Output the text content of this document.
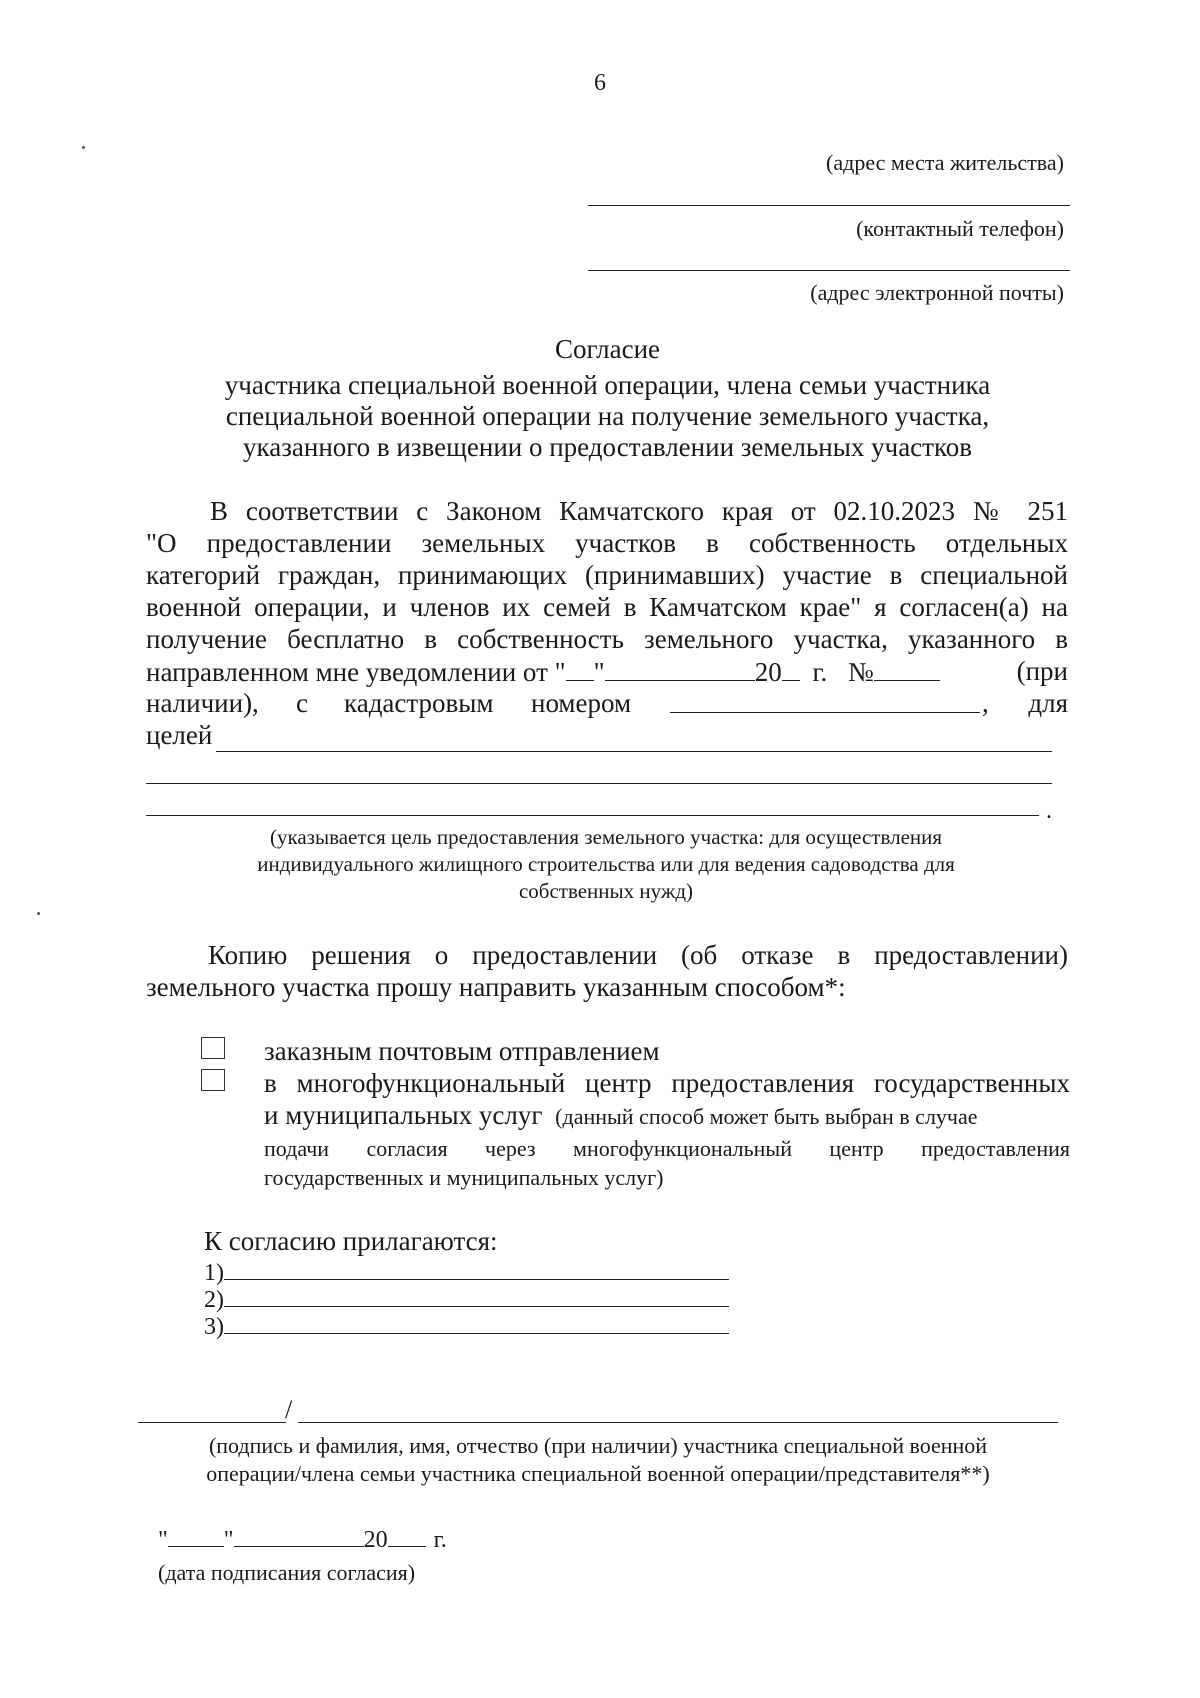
6
(адрес места жительства)
(контактный телефон)
(адрес электронной почты)
Согласие
участника специальной военной операции, члена семьи участника
специальной военной операции на получение земельного участка,
указанного в извещении о предоставлении земельных участков
В соответствии с Законом Камчатского края от 02.10.2023 № 251
"О предоставлении земельных участков в собственность отдельных
категорий граждан, принимающих (принимавших) участие в специальной
военной операции, и членов их семей в Камчатском крае" я согласен(а) на
получение бесплатно в собственность земельного участка, указанного в
направленном мне уведомлении от " "	20 г. №	(при
наличии), с кадастровым номером	, для
целей
.
(указывается цель предоставления земельного участка: для осуществления
индивидуального жилищного строительства или для ведения садоводства для
собственных нужд)
Копию решения о предоставлении (об отказе в предоставлении)
земельного участка прошу направить указанным способом*:
заказным почтовым отправлением
в многофункциональный центр предоставления государственных
и муниципальных услуг (данный способ может быть выбран в случае
подачи согласия через многофункциональный центр предоставления
государственных и муниципальных услуг)
К согласию прилагаются:
1)
2)
3)
/
(подпись и фамилия, имя, отчество (при наличии) участника специальной военной
операции/члена семьи участника специальной военной операции/представителя**)
" "	20 г.
(дата подписания согласия)
